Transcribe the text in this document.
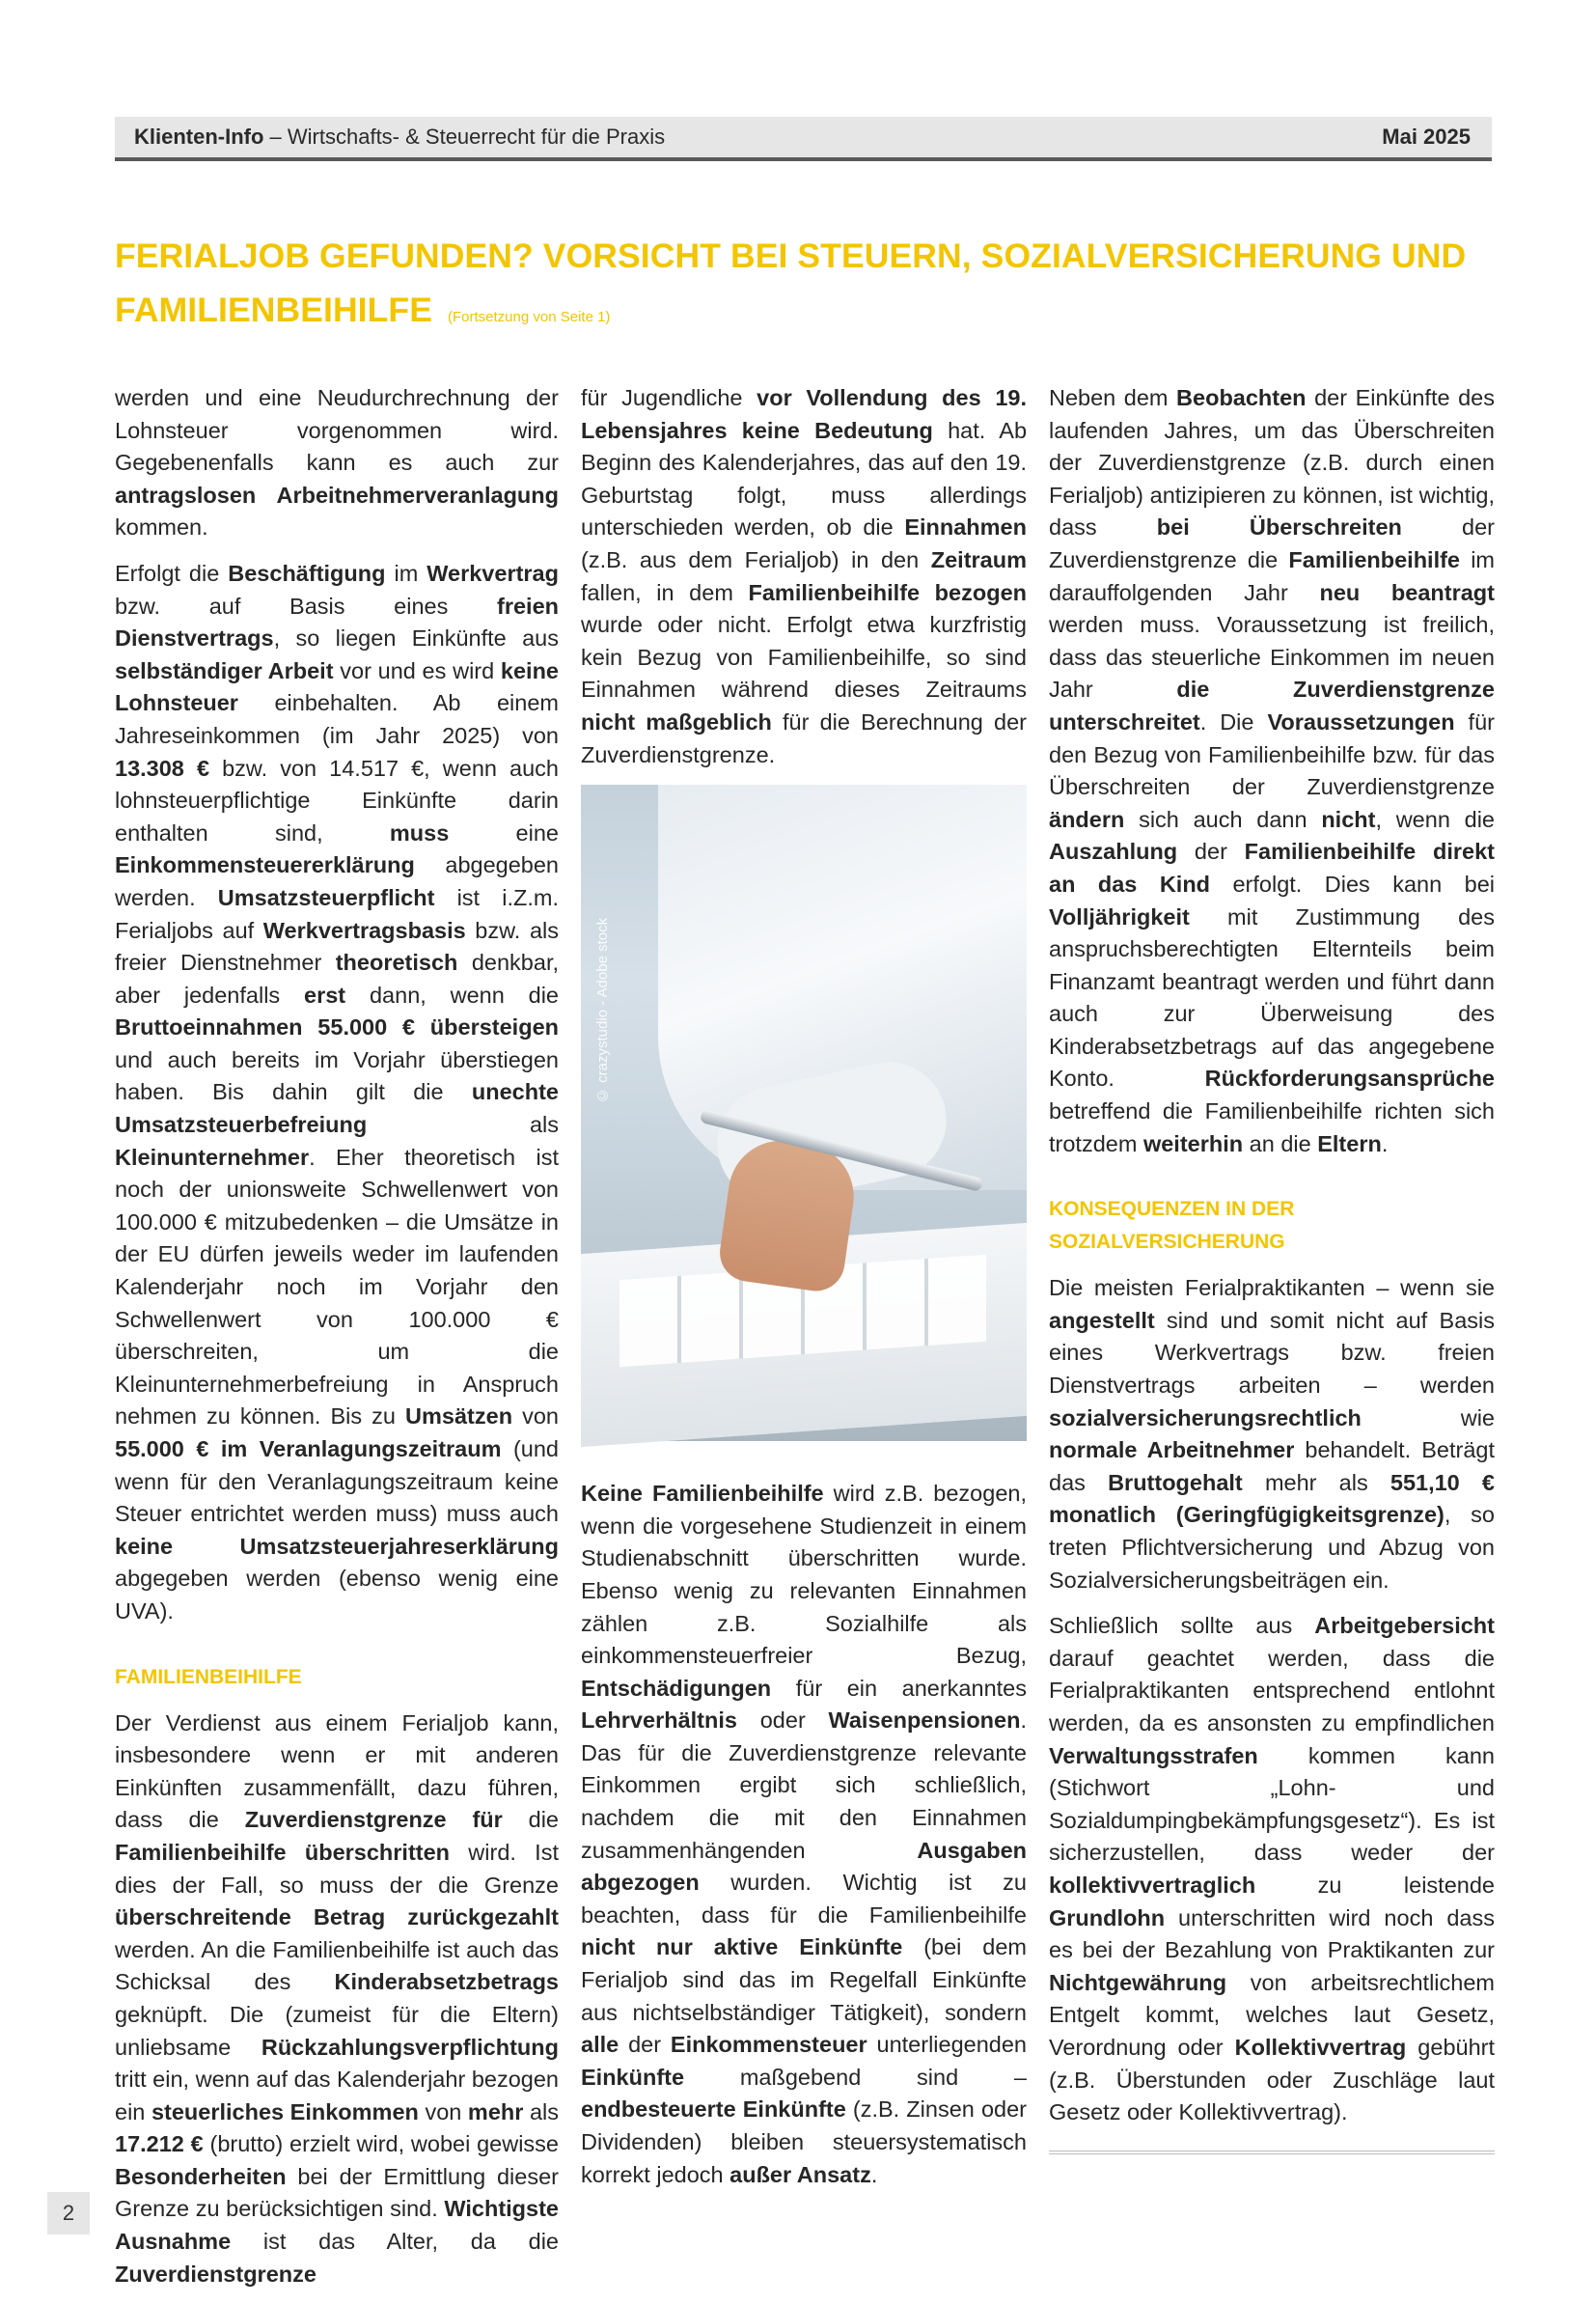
Klienten-Info – Wirtschafts- & Steuerrecht für die Praxis	Mai 2025
FERIALJOB GEFUNDEN? VORSICHT BEI STEUERN, SOZIALVERSICHERUNG UND
FAMILIENBEIHILFE (Fortsetzung von Seite 1)

werden und eine Neudurchrechnung der Lohnsteuer vorgenommen wird. Gegebenenfalls kann es auch zur antragslosen Arbeitnehmerveranlagung kommen.

Erfolgt die Beschäftigung im Werkvertrag bzw. auf Basis eines freien Dienstvertrags, so liegen Einkünfte aus selbständiger Arbeit vor und es wird keine Lohnsteuer einbehalten. Ab einem Jahreseinkommen (im Jahr 2025) von 13.308 € bzw. von 14.517 €, wenn auch lohnsteuerpflichtige Einkünfte darin enthalten sind, muss eine Einkommensteuererklärung abgegeben werden. Umsatzsteuerpflicht ist i.Z.m. Ferialjobs auf Werkvertragsbasis bzw. als freier Dienstnehmer theoretisch denkbar, aber jedenfalls erst dann, wenn die Bruttoeinnahmen 55.000 € übersteigen und auch bereits im Vorjahr überstiegen haben. Bis dahin gilt die unechte Umsatzsteuerbefreiung als Kleinunternehmer. Eher theoretisch ist noch der unionsweite Schwellenwert von 100.000 € mitzubedenken – die Umsätze in der EU dürfen jeweils weder im laufenden Kalenderjahr noch im Vorjahr den Schwellenwert von 100.000 € überschreiten, um die Kleinunternehmerbefreiung in Anspruch nehmen zu können. Bis zu Umsätzen von 55.000 € im Veranlagungszeitraum (und wenn für den Veranlagungszeitraum keine Steuer entrichtet werden muss) muss auch keine Umsatzsteuerjahreserklärung abgegeben werden (ebenso wenig eine UVA).

FAMILIENBEIHILFE

Der Verdienst aus einem Ferialjob kann, insbesondere wenn er mit anderen Einkünften zusammenfällt, dazu führen, dass die Zuverdienstgrenze für die Familienbeihilfe überschritten wird. Ist dies der Fall, so muss der die Grenze überschreitende Betrag zurückgezahlt werden. An die Familienbeihilfe ist auch das Schicksal des Kinderabsetzbetrags geknüpft. Die (zumeist für die Eltern) unliebsame Rückzahlungsverpflichtung tritt ein, wenn auf das Kalenderjahr bezogen ein steuerliches Einkommen von mehr als 17.212 € (brutto) erzielt wird, wobei gewisse Besonderheiten bei der Ermittlung dieser Grenze zu berücksichtigen sind. Wichtigste Ausnahme ist das Alter, da die Zuverdienstgrenze

für Jugendliche vor Vollendung des 19. Lebensjahres keine Bedeutung hat. Ab Beginn des Kalenderjahres, das auf den 19. Geburtstag folgt, muss allerdings unterschieden werden, ob die Einnahmen (z.B. aus dem Ferialjob) in den Zeitraum fallen, in dem Familienbeihilfe bezogen wurde oder nicht. Erfolgt etwa kurzfristig kein Bezug von Familienbeihilfe, so sind Einnahmen während dieses Zeitraums nicht maßgeblich für die Berechnung der Zuverdienstgrenze.

© crazystudio - Adobe stock

Keine Familienbeihilfe wird z.B. bezogen, wenn die vorgesehene Studienzeit in einem Studienabschnitt überschritten wurde. Ebenso wenig zu relevanten Einnahmen zählen z.B. Sozialhilfe als einkommensteuerfreier Bezug, Entschädigungen für ein anerkanntes Lehrverhältnis oder Waisenpensionen. Das für die Zuverdienstgrenze relevante Einkommen ergibt sich schließlich, nachdem die mit den Einnahmen zusammenhängenden Ausgaben abgezogen wurden. Wichtig ist zu beachten, dass für die Familienbeihilfe nicht nur aktive Einkünfte (bei dem Ferialjob sind das im Regelfall Einkünfte aus nichtselbständiger Tätigkeit), sondern alle der Einkommensteuer unterliegenden Einkünfte maßgebend sind – endbesteuerte Einkünfte (z.B. Zinsen oder Dividenden) bleiben steuersystematisch korrekt jedoch außer Ansatz.

Neben dem Beobachten der Einkünfte des laufenden Jahres, um das Überschreiten der Zuverdienstgrenze (z.B. durch einen Ferialjob) antizipieren zu können, ist wichtig, dass bei Überschreiten der Zuverdienstgrenze die Familienbeihilfe im darauffolgenden Jahr neu beantragt werden muss. Voraussetzung ist freilich, dass das steuerliche Einkommen im neuen Jahr die Zuverdienstgrenze unterschreitet. Die Voraussetzungen für den Bezug von Familienbeihilfe bzw. für das Überschreiten der Zuverdienstgrenze ändern sich auch dann nicht, wenn die Auszahlung der Familienbeihilfe direkt an das Kind erfolgt. Dies kann bei Volljährigkeit mit Zustimmung des anspruchsberechtigten Elternteils beim Finanzamt beantragt werden und führt dann auch zur Überweisung des Kinderabsetzbetrags auf das angegebene Konto. Rückforderungsansprüche betreffend die Familienbeihilfe richten sich trotzdem weiterhin an die Eltern.

KONSEQUENZEN IN DER
SOZIALVERSICHERUNG

Die meisten Ferialpraktikanten – wenn sie angestellt sind und somit nicht auf Basis eines Werkvertrags bzw. freien Dienstvertrags arbeiten – werden sozialversicherungsrechtlich wie normale Arbeitnehmer behandelt. Beträgt das Bruttogehalt mehr als 551,10 € monatlich (Geringfügigkeitsgrenze), so treten Pflichtversicherung und Abzug von Sozialversicherungsbeiträgen ein.

Schließlich sollte aus Arbeitgebersicht darauf geachtet werden, dass die Ferialpraktikanten entsprechend entlohnt werden, da es ansonsten zu empfindlichen Verwaltungsstrafen kommen kann (Stichwort „Lohn- und Sozialdumpingbekämpfungsgesetz“). Es ist sicherzustellen, dass weder der kollektivvertraglich zu leistende Grundlohn unterschritten wird noch dass es bei der Bezahlung von Praktikanten zur Nichtgewährung von arbeitsrechtlichem Entgelt kommt, welches laut Gesetz, Verordnung oder Kollektivvertrag gebührt (z.B. Überstunden oder Zuschläge laut Gesetz oder Kollektivvertrag).

2
